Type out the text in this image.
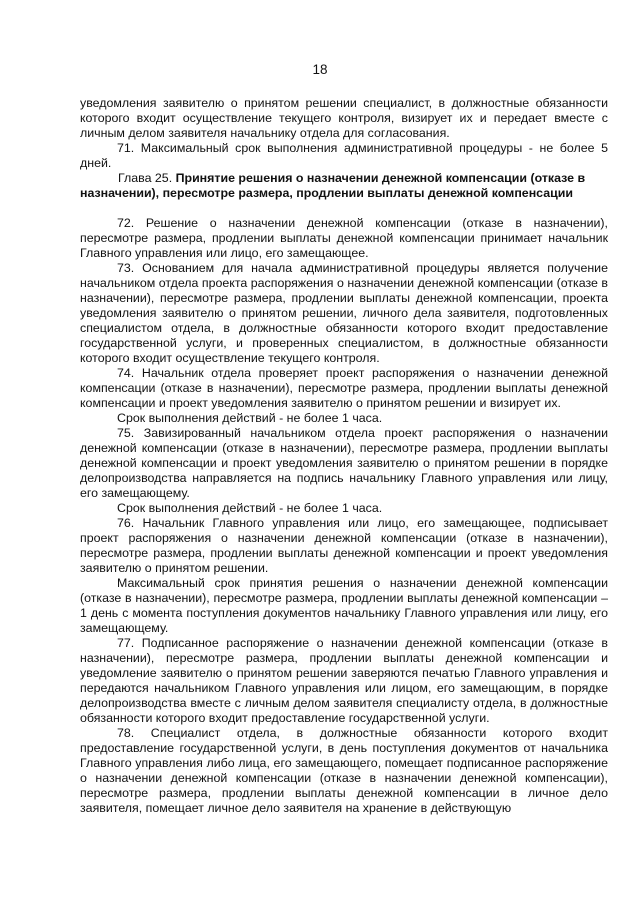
18

уведомления заявителю о принятом решении специалист, в должностные обязанности которого входит осуществление текущего контроля, визирует их и передает вместе с личным делом заявителя начальнику отдела для согласования.

71. Максимальный срок выполнения административной процедуры - не более 5 дней.

Глава 25. Принятие решения о назначении денежной компенсации (отказе в назначении), пересмотре размера, продлении выплаты денежной компенсации

72. Решение о назначении денежной компенсации (отказе в назначении), пересмотре размера, продлении выплаты денежной компенсации принимает начальник Главного управления или лицо, его замещающее.

73. Основанием для начала административной процедуры является получение начальником отдела проекта распоряжения о назначении денежной компенсации (отказе в назначении), пересмотре размера, продлении выплаты денежной компенсации, проекта уведомления заявителю о принятом решении, личного дела заявителя, подготовленных специалистом отдела, в должностные обязанности которого входит предоставление государственной услуги, и проверенных специалистом, в должностные обязанности которого входит осуществление текущего контроля.

74. Начальник отдела проверяет проект распоряжения о назначении денежной компенсации (отказе в назначении), пересмотре размера, продлении выплаты денежной компенсации и проект уведомления заявителю о принятом решении и визирует их.

Срок выполнения действий - не более 1 часа.

75. Завизированный начальником отдела проект распоряжения о назначении денежной компенсации (отказе в назначении), пересмотре размера, продлении выплаты денежной компенсации и проект уведомления заявителю о принятом решении в порядке делопроизводства направляется на подпись начальнику Главного управления или лицу, его замещающему.

Срок выполнения действий - не более 1 часа.

76. Начальник Главного управления или лицо, его замещающее, подписывает проект распоряжения о назначении денежной компенсации (отказе в назначении), пересмотре размера, продлении выплаты денежной компенсации и проект уведомления заявителю о принятом решении.

Максимальный срок принятия решения о назначении денежной компенсации (отказе в назначении), пересмотре размера, продлении выплаты денежной компенсации – 1 день с момента поступления документов начальнику Главного управления или лицу, его замещающему.

77. Подписанное распоряжение о назначении денежной компенсации (отказе в назначении), пересмотре размера, продлении выплаты денежной компенсации и уведомление заявителю о принятом решении заверяются печатью Главного управления и передаются начальником Главного управления или лицом, его замещающим, в порядке делопроизводства вместе с личным делом заявителя специалисту отдела, в должностные обязанности которого входит предоставление государственной услуги.

78. Специалист отдела, в должностные обязанности которого входит предоставление государственной услуги, в день поступления документов от начальника Главного управления либо лица, его замещающего, помещает подписанное распоряжение о назначении денежной компенсации (отказе в назначении денежной компенсации), пересмотре размера, продлении выплаты денежной компенсации в личное дело заявителя, помещает личное дело заявителя на хранение в действующую
